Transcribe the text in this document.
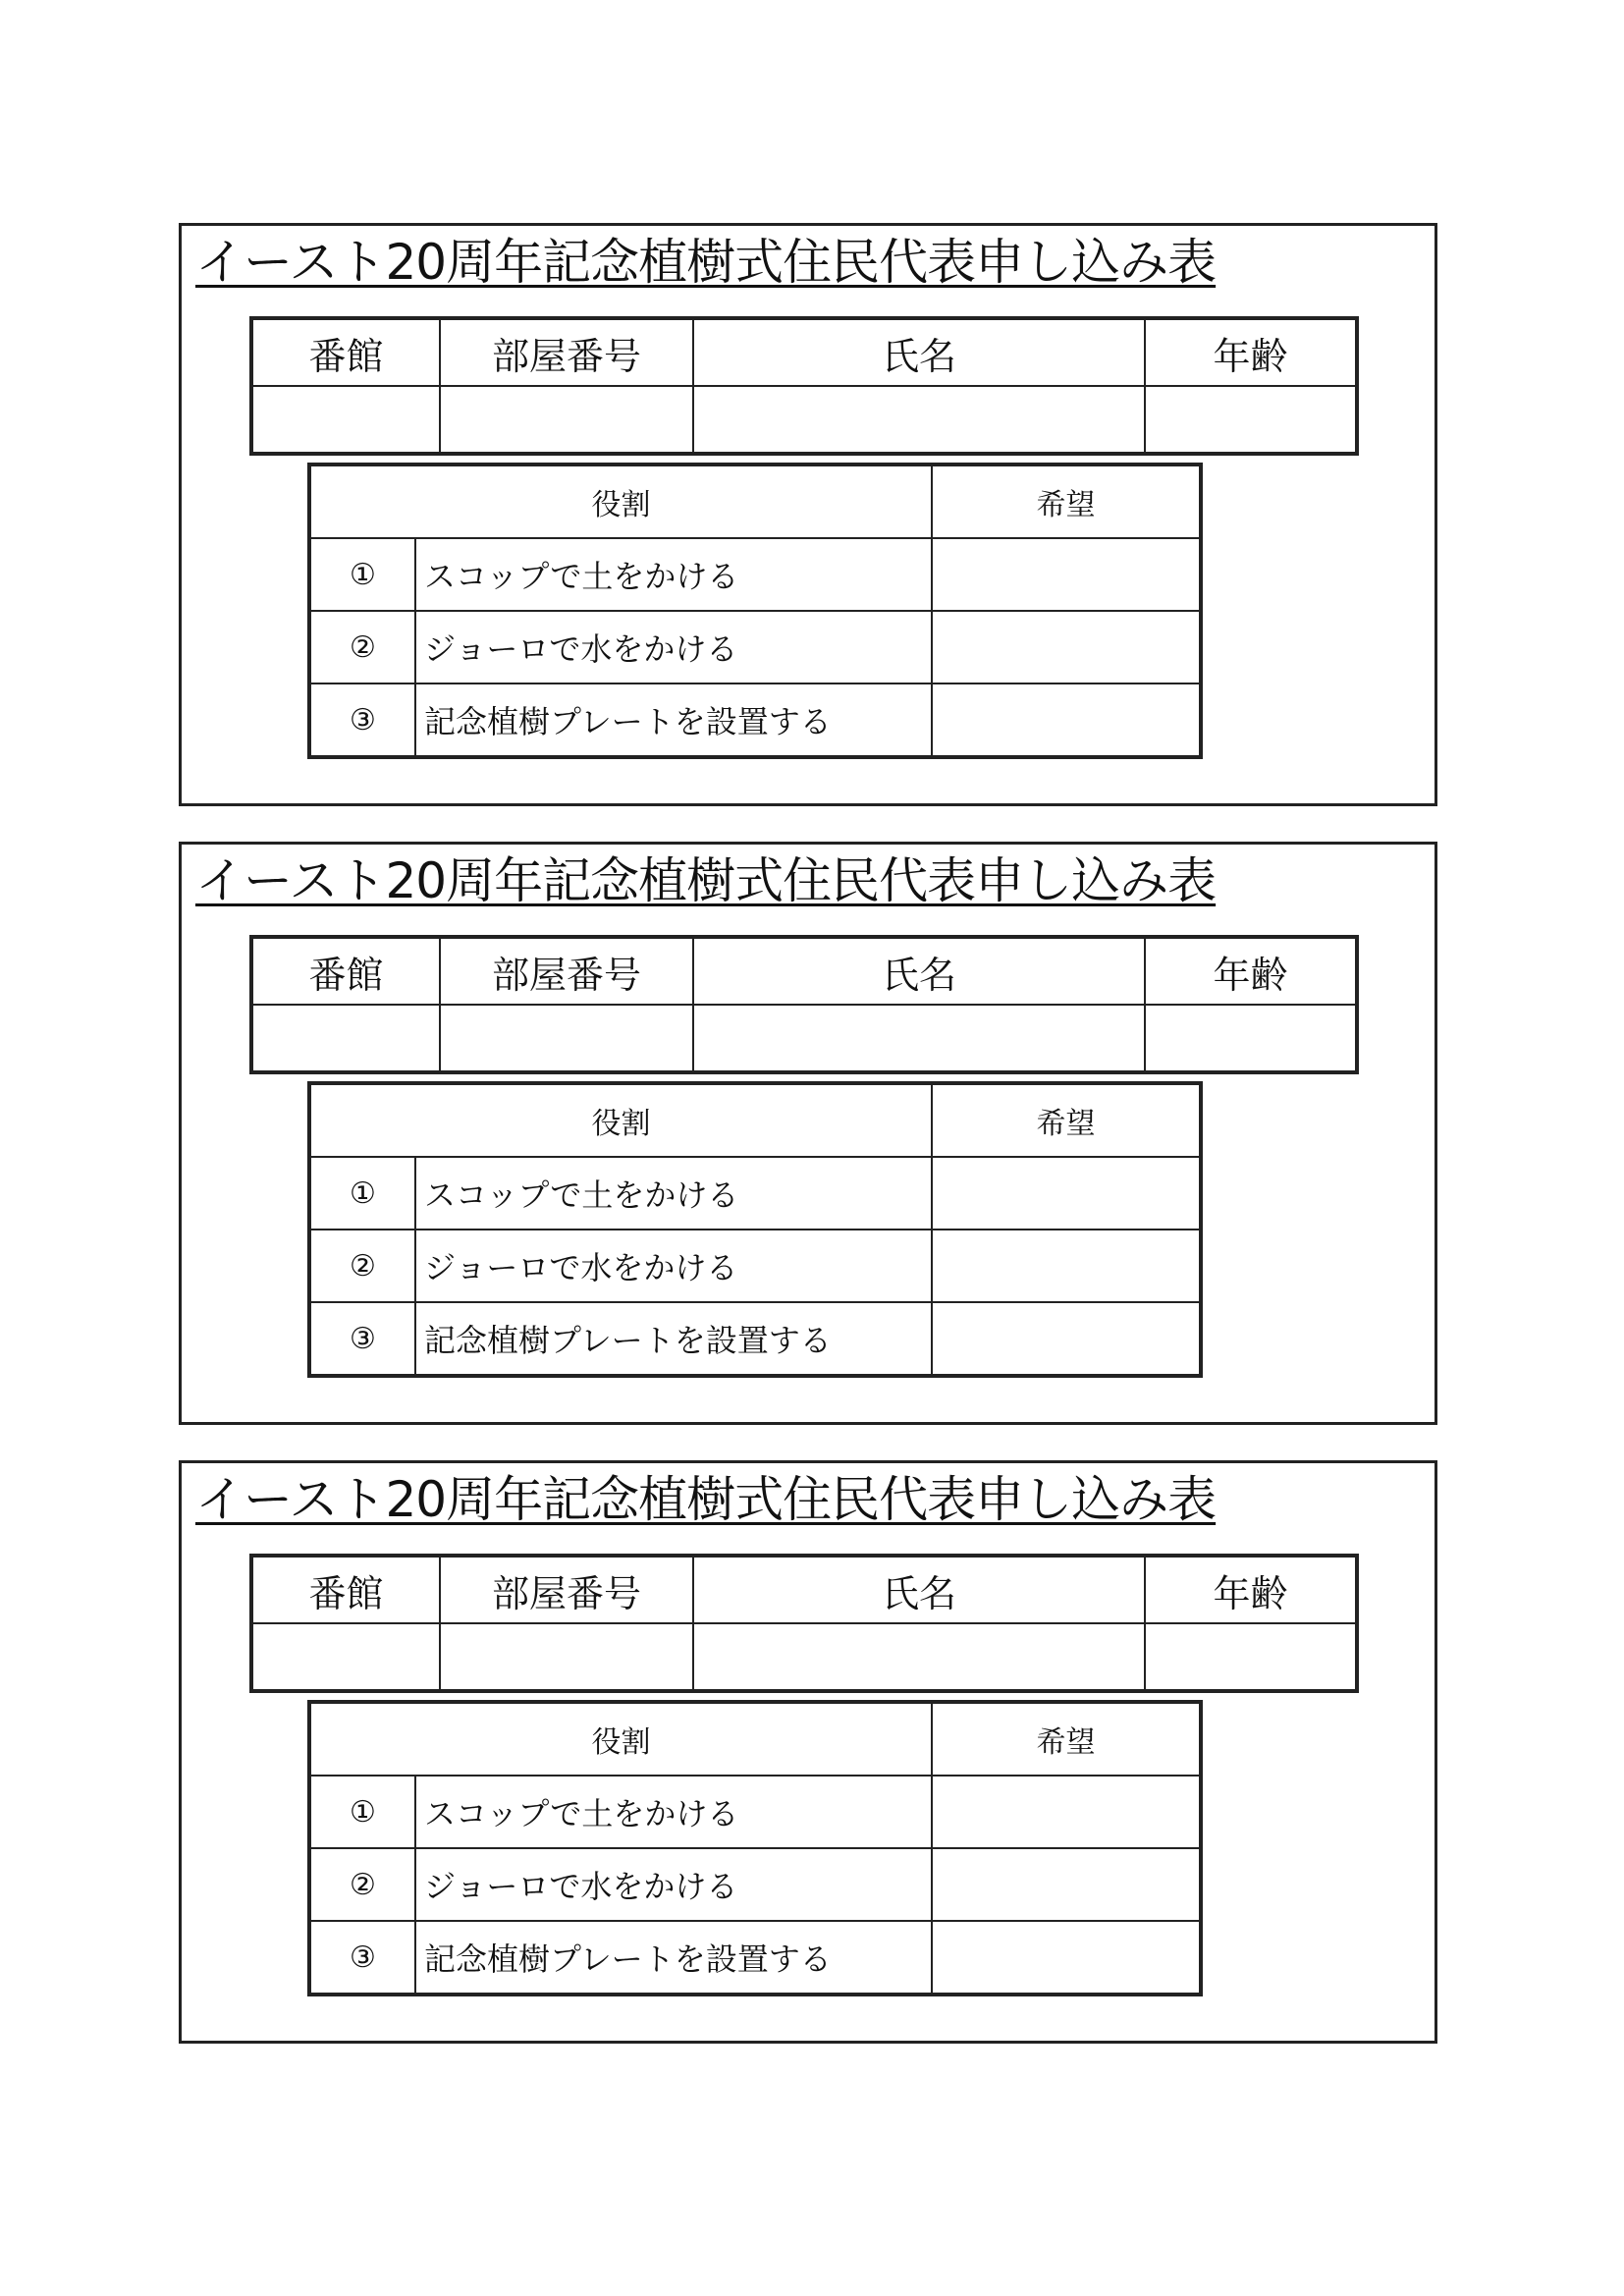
イースト20周年記念植樹式住民代表申し込み表
番館	部屋番号	氏名	年齢

役割		希望
①	スコップで土をかける	
②	ジョーロで水をかける	
③	記念植樹プレートを設置する	
イースト20周年記念植樹式住民代表申し込み表
番館	部屋番号	氏名	年齢

役割		希望
①	スコップで土をかける	
②	ジョーロで水をかける	
③	記念植樹プレートを設置する	
イースト20周年記念植樹式住民代表申し込み表
番館	部屋番号	氏名	年齢

役割		希望
①	スコップで土をかける	
②	ジョーロで水をかける	
③	記念植樹プレートを設置する	
